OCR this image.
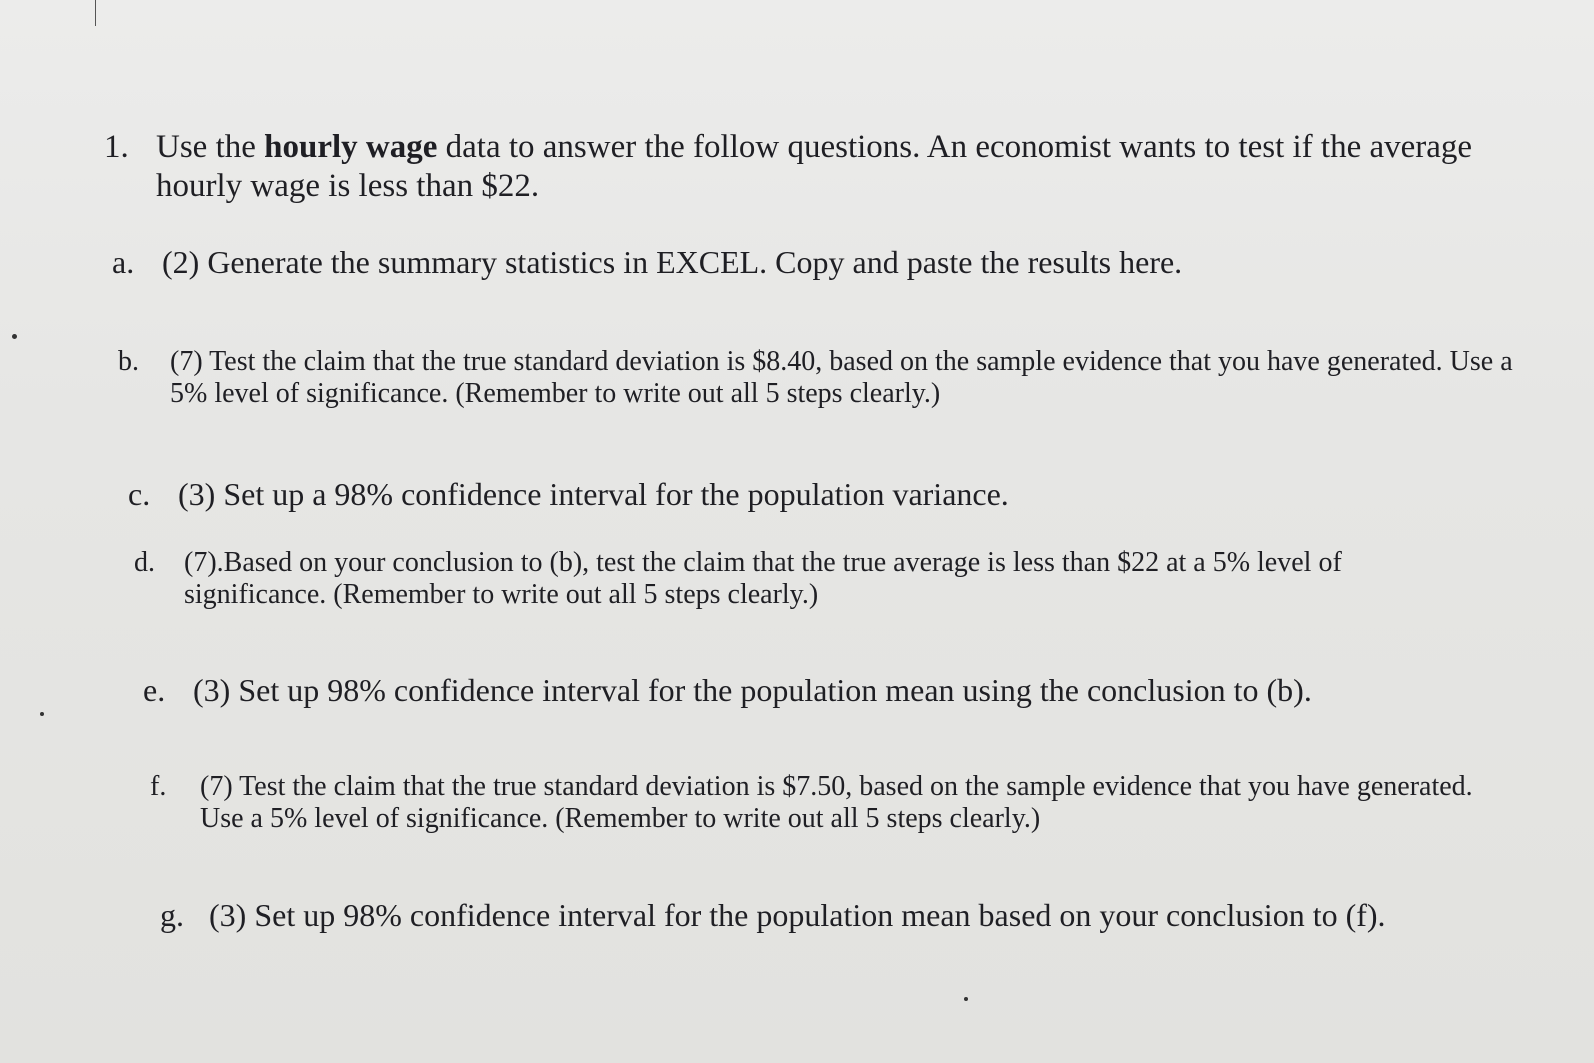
1. Use the hourly wage data to answer the follow questions. An economist wants to test if the average hourly wage is less than $22.
a. (2) Generate the summary statistics in EXCEL. Copy and paste the results here.
b. (7) Test the claim that the true standard deviation is $8.40, based on the sample evidence that you have generated. Use a 5% level of significance. (Remember to write out all 5 steps clearly.)
c. (3) Set up a 98% confidence interval for the population variance.
d. (7).Based on your conclusion to (b), test the claim that the true average is less than $22 at a 5% level of significance. (Remember to write out all 5 steps clearly.)
e. (3) Set up 98% confidence interval for the population mean using the conclusion to (b).
f. (7) Test the claim that the true standard deviation is $7.50, based on the sample evidence that you have generated. Use a 5% level of significance. (Remember to write out all 5 steps clearly.)
g. (3) Set up 98% confidence interval for the population mean based on your conclusion to (f).
